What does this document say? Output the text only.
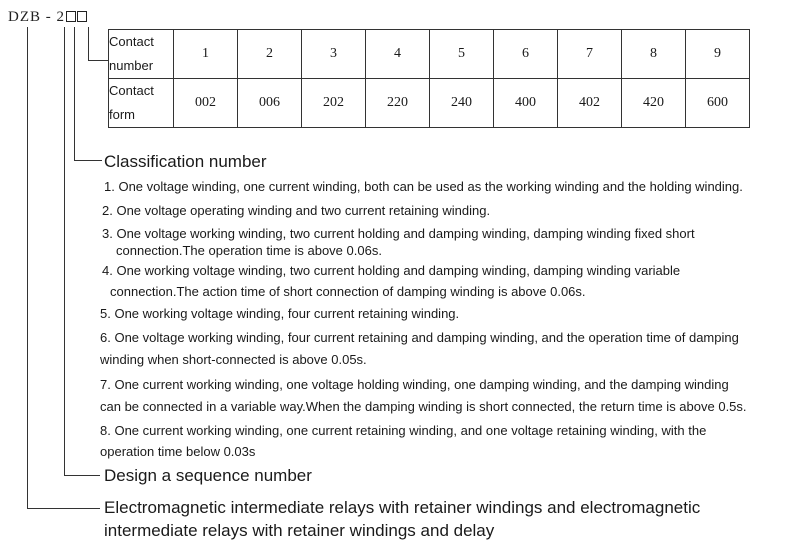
DZB - 2
Contact
number	1	2	3	4	5	6	7	8	9
Contact
form	002	006	202	220	240	400	402	420	600
Classification number
1. One voltage winding, one current winding, both can be used as the working winding and the holding winding.
2. One voltage operating winding and two current retaining winding.
3. One voltage working winding, two current holding and damping winding, damping winding fixed short
connection.The operation time is above 0.06s.
4. One working voltage winding, two current holding and damping winding, damping winding variable
connection.The action time of short connection of damping winding is above 0.06s.
5. One working voltage winding, four current retaining winding.
6. One voltage working winding, four current retaining and damping winding, and the operation time of damping
winding when short-connected is above 0.05s.
7. One current working winding, one voltage holding winding, one damping winding, and the damping winding
can be connected in a variable way.When the damping winding is short connected, the return time is above 0.5s.
8. One current working winding, one current retaining winding, and one voltage retaining winding, with the
operation time below 0.03s
Design a sequence number
Electromagnetic intermediate relays with retainer windings and electromagnetic
intermediate relays with retainer windings and delay
